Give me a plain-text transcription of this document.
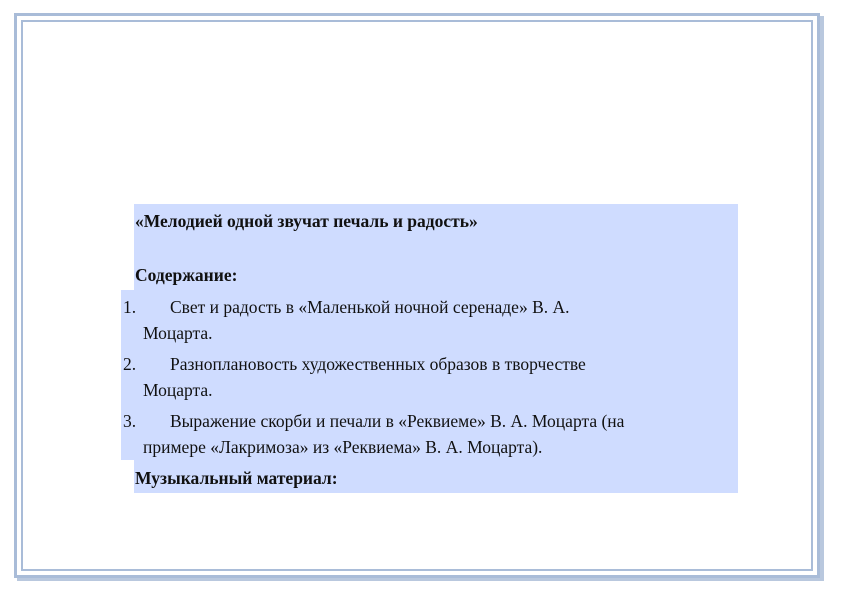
«Мелодией одной звучат печаль и радость»
Содержание:
1. Свет и радость в «Маленькой ночной серенаде» В. А.
Моцарта.
2. Разноплановость художественных образов в творчестве
Моцарта.
3. Выражение скорби и печали в «Реквиеме» В. А. Моцарта (на
примере «Лакримоза» из «Реквиема» В. А. Моцарта).
Музыкальный материал:
